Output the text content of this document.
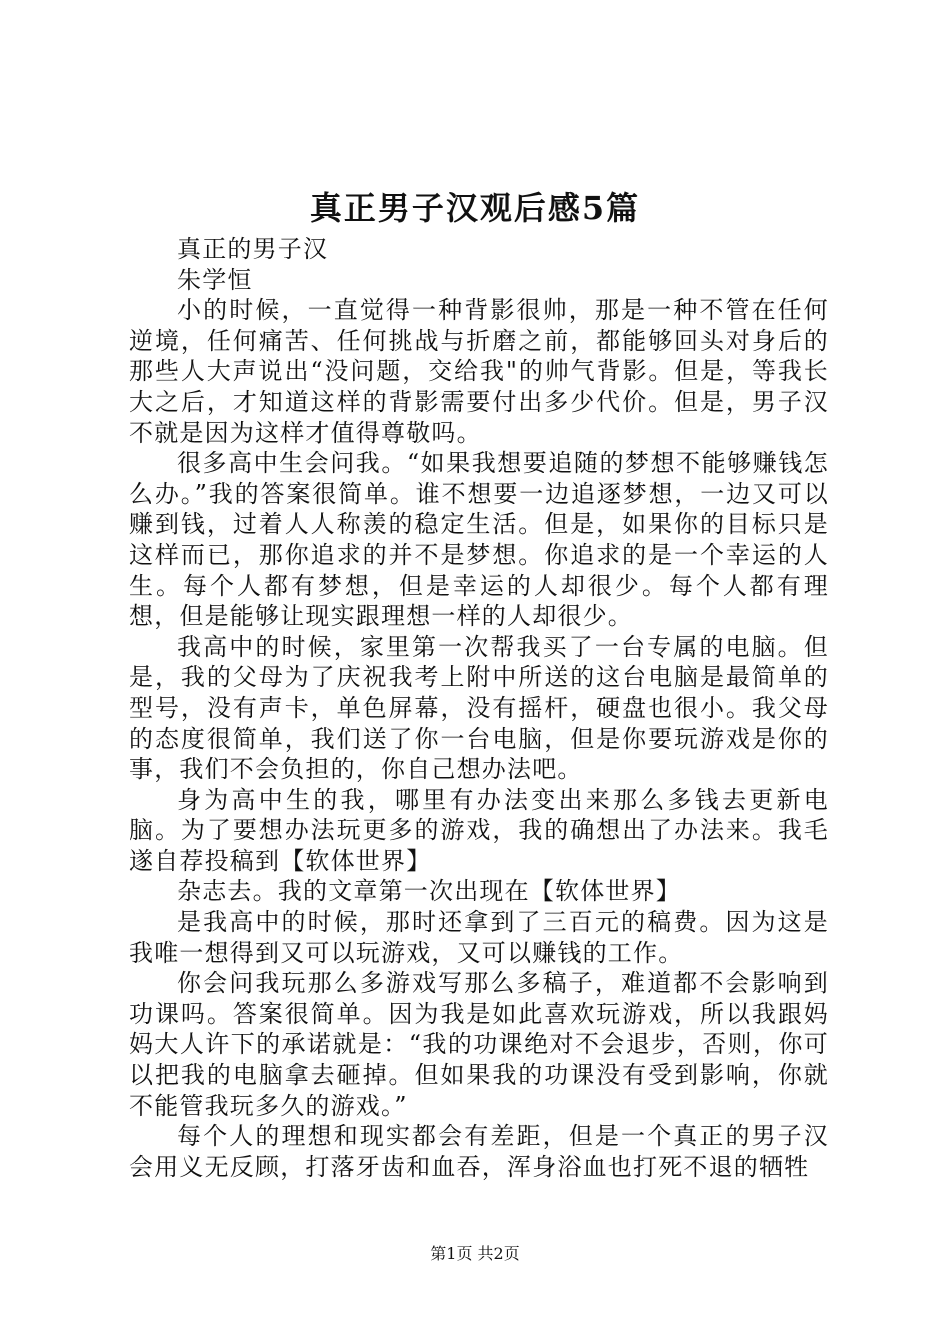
真正男子汉观后感5篇

真正的男子汉

朱学恒

小的时候，一直觉得一种背影很帅，那是一种不管在任何逆境，任何痛苦、任何挑战与折磨之前，都能够回头对身后的那些人大声说出“没问题，交给我"的帅气背影。但是，等我长大之后，才知道这样的背影需要付出多少代价。但是，男子汉不就是因为这样才值得尊敬吗。

很多高中生会问我。“如果我想要追随的梦想不能够赚钱怎么办。”我的答案很简单。谁不想要一边追逐梦想，一边又可以赚到钱，过着人人称羡的稳定生活。但是，如果你的目标只是这样而已，那你追求的并不是梦想。你追求的是一个幸运的人生。每个人都有梦想，但是幸运的人却很少。每个人都有理想，但是能够让现实跟理想一样的人却很少。

我高中的时候，家里第一次帮我买了一台专属的电脑。但是，我的父母为了庆祝我考上附中所送的这台电脑是最简单的型号，没有声卡，单色屏幕，没有摇杆，硬盘也很小。我父母的态度很简单，我们送了你一台电脑，但是你要玩游戏是你的事，我们不会负担的，你自己想办法吧。

身为高中生的我，哪里有办法变出来那么多钱去更新电脑。为了要想办法玩更多的游戏，我的确想出了办法来。我毛遂自荐投稿到【软体世界】

杂志去。我的文章第一次出现在【软体世界】

是我高中的时候，那时还拿到了三百元的稿费。因为这是我唯一想得到又可以玩游戏，又可以赚钱的工作。

你会问我玩那么多游戏写那么多稿子，难道都不会影响到功课吗。答案很简单。因为我是如此喜欢玩游戏，所以我跟妈妈大人许下的承诺就是：“我的功课绝对不会退步，否则，你可以把我的电脑拿去砸掉。但如果我的功课没有受到影响，你就不能管我玩多久的游戏。”

每个人的理想和现实都会有差距，但是一个真正的男子汉会用义无反顾，打落牙齿和血吞，浑身浴血也打死不退的牺牲

第1页 共2页
